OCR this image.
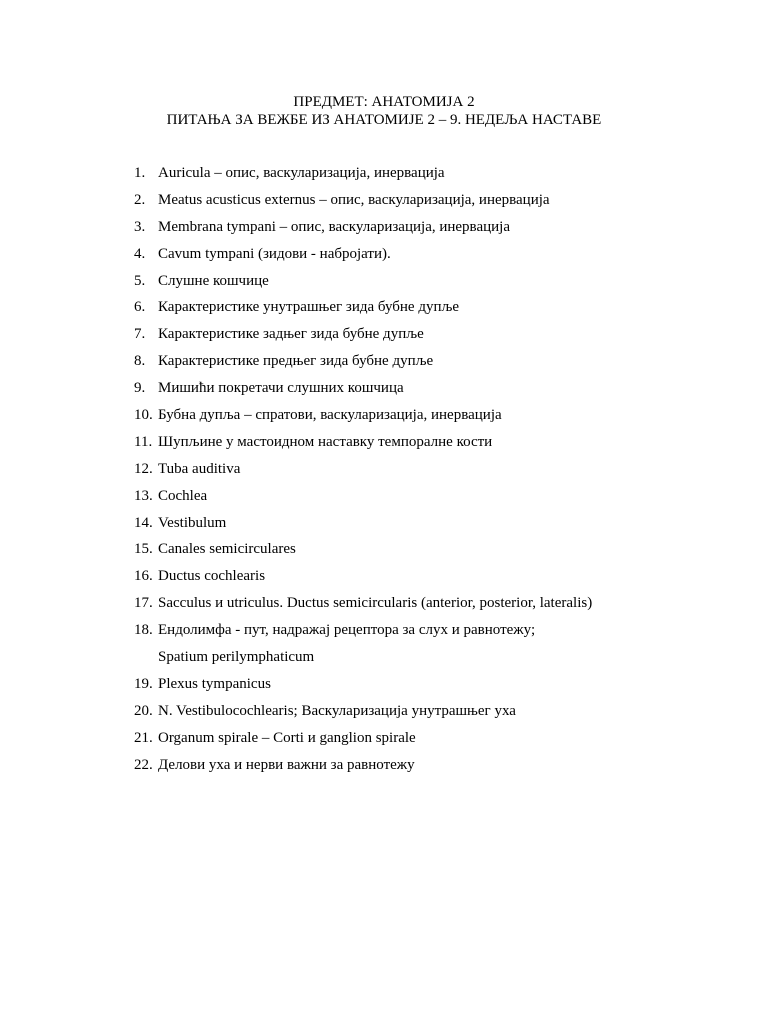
ПРЕДМЕТ: АНАТОМИЈА 2
ПИТАЊА ЗА ВЕЖБЕ ИЗ АНАТОМИЈЕ 2 – 9. НЕДЕЉА НАСТАВЕ
1. Auricula – опис, васкуларизација, инервација
2. Meatus acusticus externus – опис, васкуларизација, инервација
3. Membrana tympani – опис, васкуларизација, инервација
4. Cavum tympani (зидови - набројати).
5. Слушне кошчице
6. Карактеристике унутрашњег зида бубне дупље
7. Карактеристике задњег зида бубне дупље
8. Карактеристике предњег зида бубне дупље
9. Мишићи покретачи слушних кошчица
10. Бубна дупља – спратови, васкуларизација, инервација
11. Шупљине у мастоидном наставку темпоралне кости
12. Tuba auditiva
13. Cochlea
14. Vestibulum
15. Canales semicirculares
16. Ductus cochlearis
17. Sacculus и utriculus. Ductus semicircularis (anterior, posterior, lateralis)
18. Ендолимфа - пут, надражај рецептора за слух и равнотежу;
Spatium perilymphaticum
19. Plexus tympanicus
20. N. Vestibulocochlearis; Васкуларизација унутрашњег уха
21. Organum spirale – Corti и ganglion spirale
22. Делови уха и нерви важни за равнотежу
